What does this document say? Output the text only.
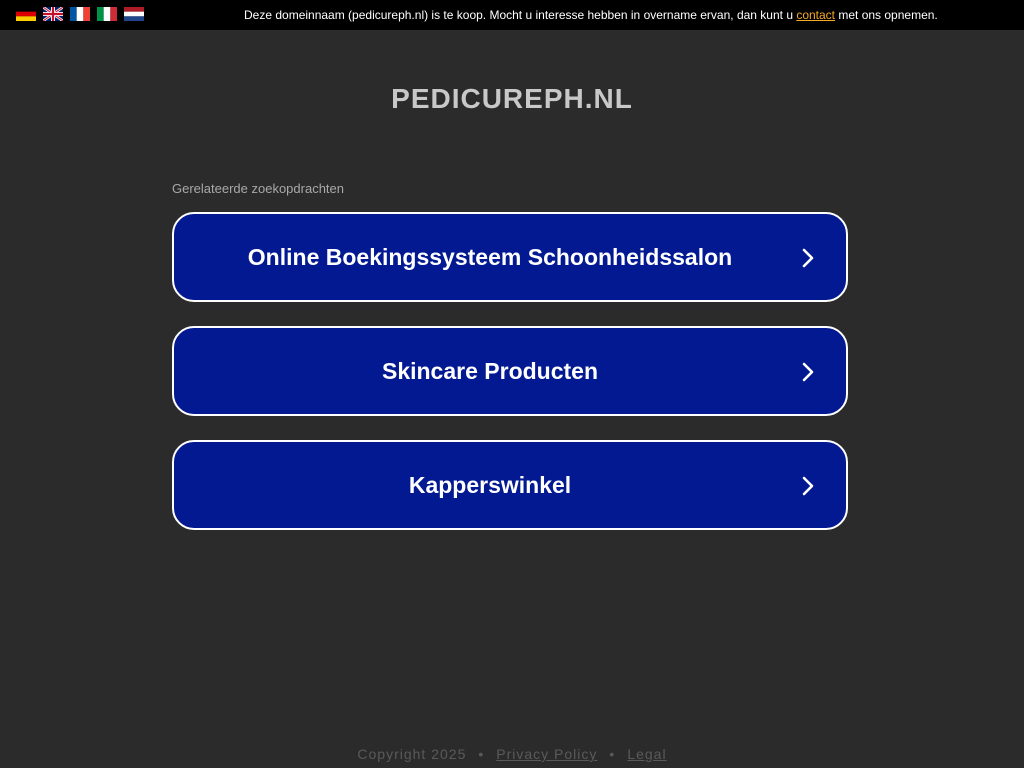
Deze domeinnaam (pedicureph.nl) is te koop. Mocht u interesse hebben in overname ervan, dan kunt u contact met ons opnemen.
PEDICUREPH.NL
Gerelateerde zoekopdrachten
Online Boekingssysteem Schoonheidssalon
Skincare Producten
Kapperswinkel
Copyright 2025 • Privacy Policy • Legal
